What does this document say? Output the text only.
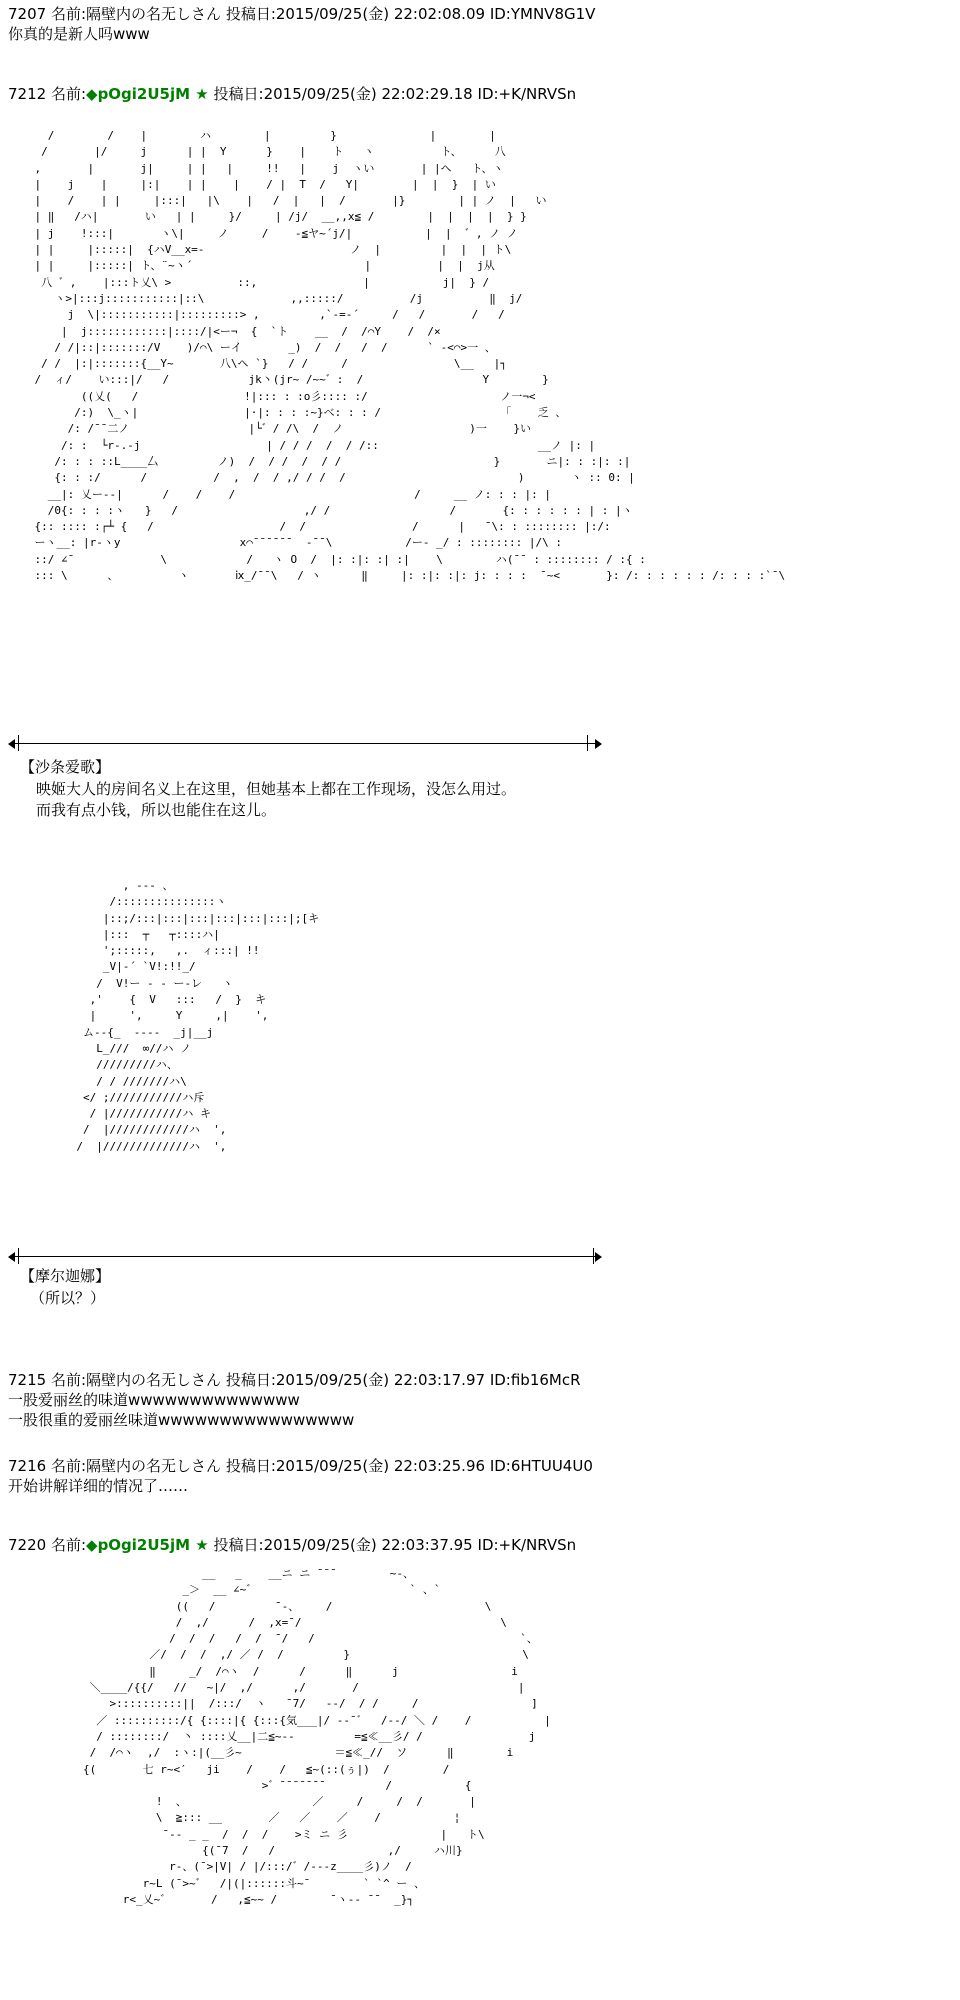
7207 名前:隔壁内の名无しさん 投稿日:2015/09/25(金) 22:02:08.09 ID:YMNV8G1V
你真的是新人吗www
7212 名前:◆pOgi2U5jM ★ 投稿日:2015/09/25(金) 22:02:29.18 ID:+K/NRVSn
/        /    |        ハ        |         }              |        |
/       |/     j      | |  Y      }    |    ト   ヽ          ト、     八
,       |       j|     | |   |     !!   |    j  ヽい       | |ヘ   ト、ヽ
|    j    |     |:|    | |    |    / |  T  /   Y|        |  |  }  | い
|    /    | |     |:::|   |\    |   /  |   |  /       |}        | | ノ  |   い
| ‖   /ハ|       い   | |     }/     | /j/  __,,x≦ /        |  |  |  |  } }
| j    !:::|       ヽ\|     ノ     /    -≦ヤ~´j/|           |  |  ゛, ノ ノ
| |     |:::::|  {ハV__x=-                      ノ  |         |  |  | ト\
| |     |:::::| ト、¨~ヽ´                          |          |  |  j从
八 ゛,    |:::ト乂\ >          ::,                |           j|  } /
ヽ>|:::j:::::::::::|::\             ,,:::::/          /j          ‖  j/
j  \|:::::::::::|:::::::::> ,         ,`-=‐´     /   /       /   /
|  j::::::::::::|::::/|<ー¬  {  `ト    __  /  /⌒Y    /  /×
/ /|::|:::::::/V    )/⌒\ ーイ       _)  /  /   /  /      ` -<⌒>一 、
/ /  |:|:::::::{__Y~       八\ヘ `}   / /     /                \__   |┐
/  ィ/    い:::|/   /            jk丶(jr~ /~~゛:  /                  Y        }
((乂(   /                !|::: : :o彡:::: :/                    ノ一¬<
/:)  \_ヽ|                |·|: : : :~}べ: : : /                  「    乏 、
/: /¯¯二ノ                  |└゛/ /\  /  ノ                   )一    }い
/: :  └r‐.-j                   | / / /  /  / /::                        __ノ |: |
/: : : ::L____厶         ノ)  /  / /  /  / /                       }       ニ|: : :|: :|
{: : :/      /          /  ,  /  / ,/ / /  /                          )       ヽ :: 0: |
__|: 乂ー‐-|      /    /    /                           /     __ ノ: : : |: |
/0{: : : :ヽ   }   /                   ,/ /                  /       {: : : : : : | : |ヽ
{:: :::: :┌┴ {   /                   /  /                /      |   ¯\: : :::::::: |:/:
ーヽ__: |r‐ヽy                  x⌒¯¯¯¯¯¯  ‐¯¯\           /ー‐ _/ : :::::::: |/\ :
::/ ∠¯             \            /   ヽ O  /  |: :|: :| :|    \        ハ(¯¯ : :::::::: / :{ :
::: \      、         ヽ       ⅸ_/¯¯\   / ヽ      ‖     |: :|: :|: j: : : :  ¯~<       }: /: : : : : : /: : : :`¯\
【沙条爱歌】
映姬大人的房间名义上在这里，但她基本上都在工作现场，没怎么用过。
而我有点小钱，所以也能住在这儿。
, ‐‐‐ 、
/:::::::::::::::ヽ
|::;/:::|:::|:::|:::|:::|:::|;[キ
|:::  ┬   ┬::::ハ|
';:::::,   ,.  ィ:::| !!
_V|-´ `V!:!!_/
/  V!ー ‐ - ー‐レ   ヽ
,'    {  V   :::   /  }  キ
|     ',     Y     ,|    ',
ム‐‐{_  ‐‐‐‐  _j|__j
L_///  ∞//ハ ノ
/////////ハ、
/ / ///////ハ\
</ ;///////////ハ斥
/ |///////////ハ キ
/  |////////////ハ  ',
/  |/////////////ハ  ',
【摩尔迦娜】
（所以？）
7215 名前:隔壁内の名无しさん 投稿日:2015/09/25(金) 22:03:17.97 ID:fib16McR
一股爱丽丝的味道wwwwwwwwwwwwww
一股很重的爱丽丝味道wwwwwwwwwwwwwwww
7216 名前:隔壁内の名无しさん 投稿日:2015/09/25(金) 22:03:25.96 ID:6HTUU4U0
开始讲解详细的情况了……
7220 名前:◆pOgi2U5jM ★ 投稿日:2015/09/25(金) 22:03:37.95 ID:+K/NRVSn
__   _    __ニ ニ ¯¯¯        ~-、
_＞  __ ∠~゛                       ` 、`
((   /         ¯-、    /                       \
/  ,/      /  ,x=¯/                              \
/  /  /   /  /  ¯/   /                               `、
／/  /  /  ,/ ／ /  /         }                          \
‖     _/  /⌒ヽ  /      /      ‖      j                 i
＼____/{{/   //   ~|/  ,/      ,/       /                        |
>::::::::::||  /:::/  ヽ   ¯7/   -‐/  / /     /                 ]
／ ::::::::::/{ {::::|{ {:::{気___|/ ‐‐¯゛  /‐‐/ ＼ /    /           |
/ ::::::::/  丶 ::::乂__|二≦~‐‐         =≦≪__彡/ /                j
/  /⌒ヽ  ,/  :ヽ:|(__彡~              ＝≦≪_//  ソ      ‖        i
{(       七 r~<′   ji    /    /   ≦~(::(ぅ|)  /        /
>゛¯¯¯¯¯¯¯         /           {
!  、                   ／     /     /  /       |
\  ≧::: __       ／   ／    ／    /           ¦
¯‐‐ _ _  /  /  /    >ミ ニ 彡              |   ト\
{(¯7  /   /                 ,/     ハ川}
r‐、(¯>|V| / |/:::/゛/‐‐‐z____彡)ノ  /
r~L (¯>~゛  /|(|::::::斗~¯        ` `^ ー 、
r<_乂~゛      /   ,≦~~ /        ¯ヽ‐‐ ¯¯  _}┐
